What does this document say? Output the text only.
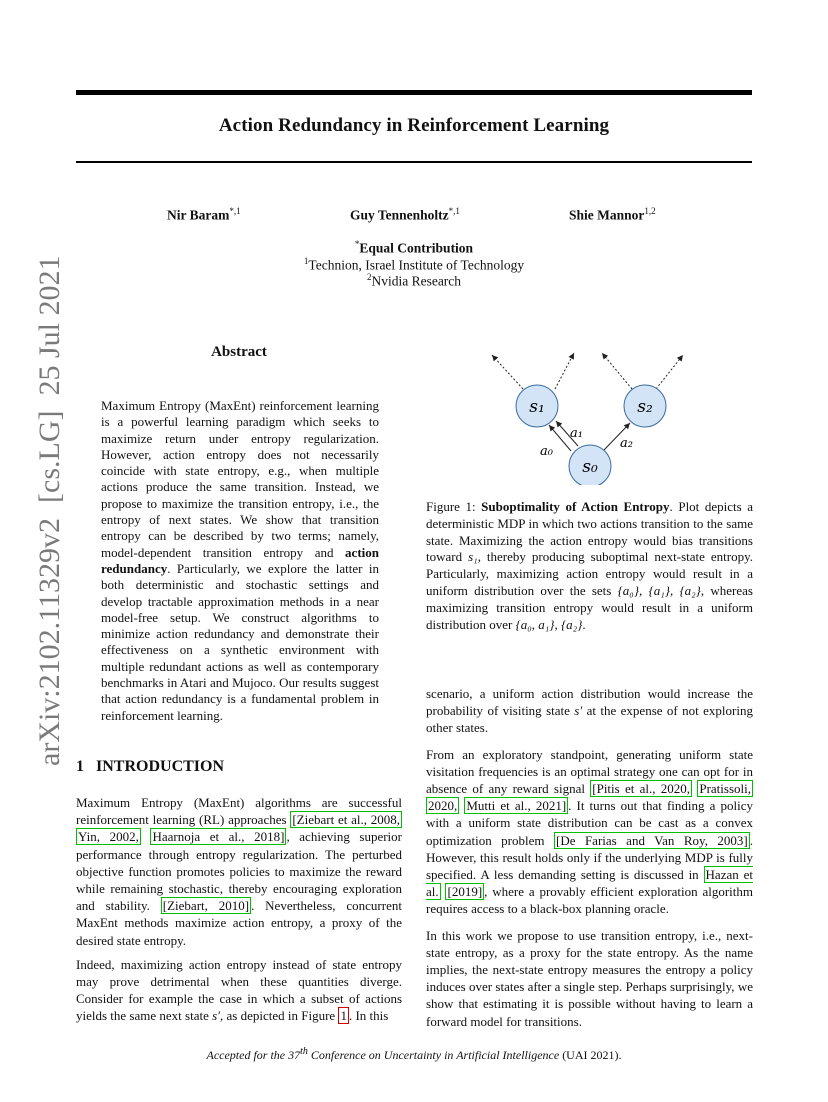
Action Redundancy in Reinforcement Learning
Nir Baram$^{*,1}$	Guy Tennenholtz$^{*,1}$	Shie Mannor$^{1,2}$
*Equal Contribution
$^1$Technion, Israel Institute of Technology
$^2$Nvidia Research
arXiv:2102.11329v2  [cs.LG]  25 Jul 2021	Abstract
Maximum Entropy (MaxEnt) reinforcement learning is a powerful learning paradigm which seeks to maximize return under entropy regularization. However, action entropy does not necessarily coincide with state entropy, e.g., when multiple actions produce the same transition. Instead, we propose to maximize the transition entropy, i.e., the entropy of next states. We show that transition entropy can be described by two terms; namely, model-dependent transition entropy and action redundancy. Particularly, we explore the latter in both deterministic and stochastic settings and develop tractable approximation methods in a near model-free setup. We construct algorithms to minimize action redundancy and demonstrate their effectiveness on a synthetic environment with multiple redundant actions as well as contemporary benchmarks in Atari and Mujoco. Our results suggest that action redundancy is a fundamental problem in reinforcement learning.
1 INTRODUCTION

Maximum Entropy (MaxEnt) algorithms are successful reinforcement learning (RL) approaches [Ziebart et al., 2008, Yin, 2002, Haarnoja et al., 2018] , achieving superior performance through entropy regularization. The perturbed objective function promotes policies to maximize the reward while remaining stochastic, thereby encouraging exploration and stability. [Ziebart, 2010] . Nevertheless, concurrent MaxEnt methods maximize action entropy, a proxy of the desired state entropy.

Indeed, maximizing action entropy instead of state entropy may prove detrimental when these quantities diverge. Consider for example the case in which a subset of actions yields the same next state s′, as depicted in Figure 1 . In this

s₁	s₂
s₀
a₀
a₁
a₂
Figure 1: Suboptimality of Action Entropy. Plot depicts a deterministic MDP in which two actions transition to the same state. Maximizing the action entropy would bias transitions toward s₁, thereby producing suboptimal next-state entropy. Particularly, maximizing action entropy would result in a uniform distribution over the sets {a₀}, {a₁}, {a₂}, whereas maximizing transition entropy would result in a uniform distribution over {a₀, a₁}, {a₂}.

scenario, a uniform action distribution would increase the probability of visiting state s′ at the expense of not exploring other states.

From an exploratory standpoint, generating uniform state visitation frequencies is an optimal strategy one can opt for in absence of any reward signal [Pitis et al., 2020, Pratissoli, 2020, Mutti et al., 2021] . It turns out that finding a policy with a uniform state distribution can be cast as a convex optimization problem [De Farias and Van Roy, 2003] . However, this result holds only if the underlying MDP is fully specified. A less demanding setting is discussed in Hazan et al. [2019] , where a provably efficient exploration algorithm requires access to a black-box planning oracle.

In this work we propose to use transition entropy, i.e., next-state entropy, as a proxy for the state entropy. As the name implies, the next-state entropy measures the entropy a policy induces over states after a single step. Perhaps surprisingly, we show that estimating it is possible without having to learn a forward model for transitions.

Accepted for the 37th Conference on Uncertainty in Artificial Intelligence (UAI 2021).
